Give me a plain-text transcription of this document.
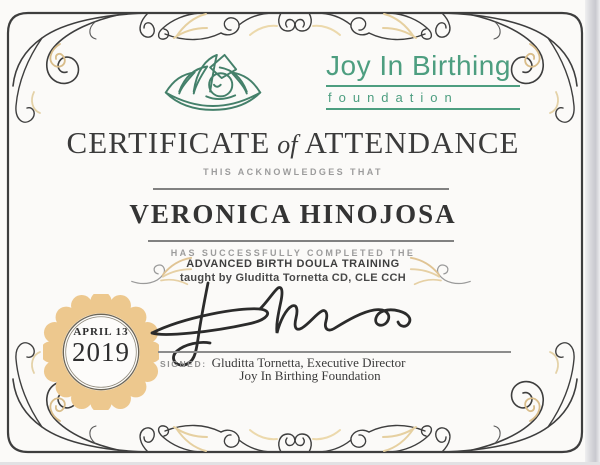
Joy In Birthing
foundation
CERTIFICATE of ATTENDANCE
THIS ACKNOWLEDGES THAT
VERONICA HINOJOSA
HAS SUCCESSFULLY COMPLETED THE
ADVANCED BIRTH DOULA TRAINING
taught by Gluditta Tornetta CD, CLE CCH
APRIL 13
2019	SIGNED: Gluditta Tornetta, Executive Director
Joy In Birthing Foundation
